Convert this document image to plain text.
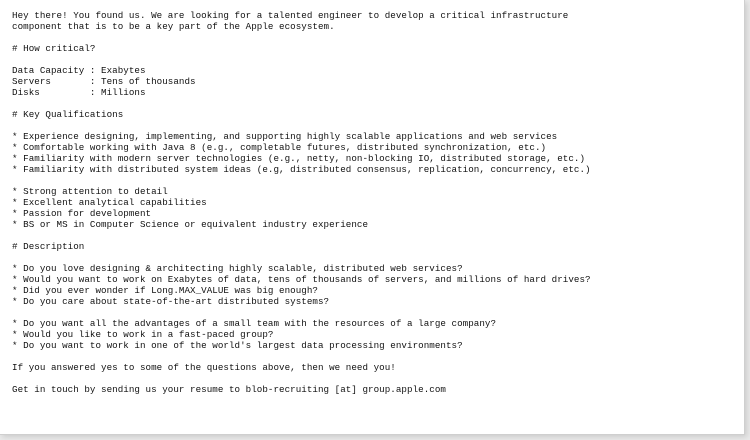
Hey there! You found us. We are looking for a talented engineer to develop a critical infrastructure
component that is to be a key part of the Apple ecosystem.
# How critical?
Data Capacity : Exabytes
Servers       : Tens of thousands
Disks         : Millions
# Key Qualifications
* Experience designing, implementing, and supporting highly scalable applications and web services
* Comfortable working with Java 8 (e.g., completable futures, distributed synchronization, etc.)
* Familiarity with modern server technologies (e.g., netty, non-blocking IO, distributed storage, etc.)
* Familiarity with distributed system ideas (e.g, distributed consensus, replication, concurrency, etc.)
* Strong attention to detail
* Excellent analytical capabilities
* Passion for development
* BS or MS in Computer Science or equivalent industry experience
# Description
* Do you love designing & architecting highly scalable, distributed web services?
* Would you want to work on Exabytes of data, tens of thousands of servers, and millions of hard drives?
* Did you ever wonder if Long.MAX_VALUE was big enough?
* Do you care about state-of-the-art distributed systems?
* Do you want all the advantages of a small team with the resources of a large company?
* Would you like to work in a fast-paced group?
* Do you want to work in one of the world's largest data processing environments?
If you answered yes to some of the questions above, then we need you!
Get in touch by sending us your resume to blob-recruiting [at] group.apple.com
